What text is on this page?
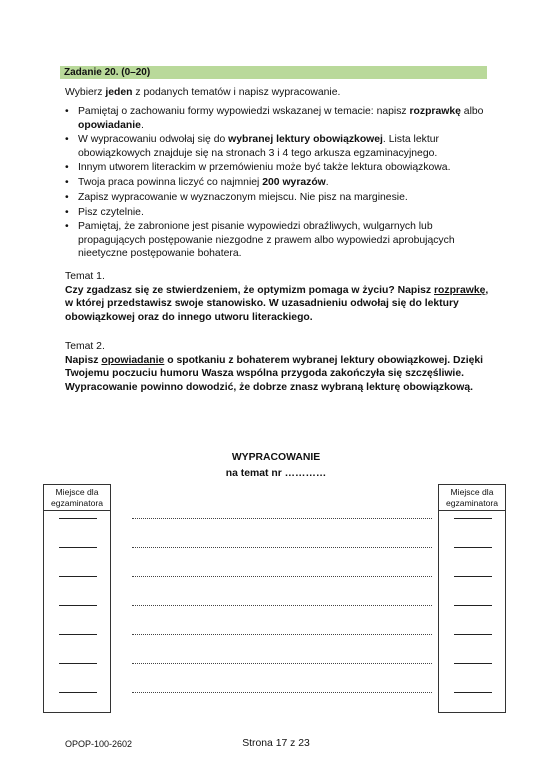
Zadanie 20. (0–20)
Wybierz jeden z podanych tematów i napisz wypracowanie.
• Pamiętaj o zachowaniu formy wypowiedzi wskazanej w temacie: napisz rozprawkę albo opowiadanie.
• W wypracowaniu odwołaj się do wybranej lektury obowiązkowej. Lista lektur obowiązkowych znajduje się na stronach 3 i 4 tego arkusza egzaminacyjnego.
• Innym utworem literackim w przemówieniu może być także lektura obowiązkowa.
• Twoja praca powinna liczyć co najmniej 200 wyrazów.
• Zapisz wypracowanie w wyznaczonym miejscu. Nie pisz na marginesie.
• Pisz czytelnie.
• Pamiętaj, że zabronione jest pisanie wypowiedzi obraźliwych, wulgarnych lub propagujących postępowanie niezgodne z prawem albo wypowiedzi aprobujących nieetyczne postępowanie bohatera.
Temat 1.
Czy zgadzasz się ze stwierdzeniem, że optymizm pomaga w życiu? Napisz rozprawkę, w której przedstawisz swoje stanowisko. W uzasadnieniu odwołaj się do lektury obowiązkowej oraz do innego utworu literackiego.
Temat 2.
Napisz opowiadanie o spotkaniu z bohaterem wybranej lektury obowiązkowej. Dzięki Twojemu poczuciu humoru Wasza wspólna przygoda zakończyła się szczęśliwie. Wypracowanie powinno dowodzić, że dobrze znasz wybraną lekturę obowiązkową.
WYPRACOWANIE
na temat nr …………
Miejsce dla egzaminatora
Miejsce dla egzaminatora
OPOP-100-2602	Strona 17 z 23
